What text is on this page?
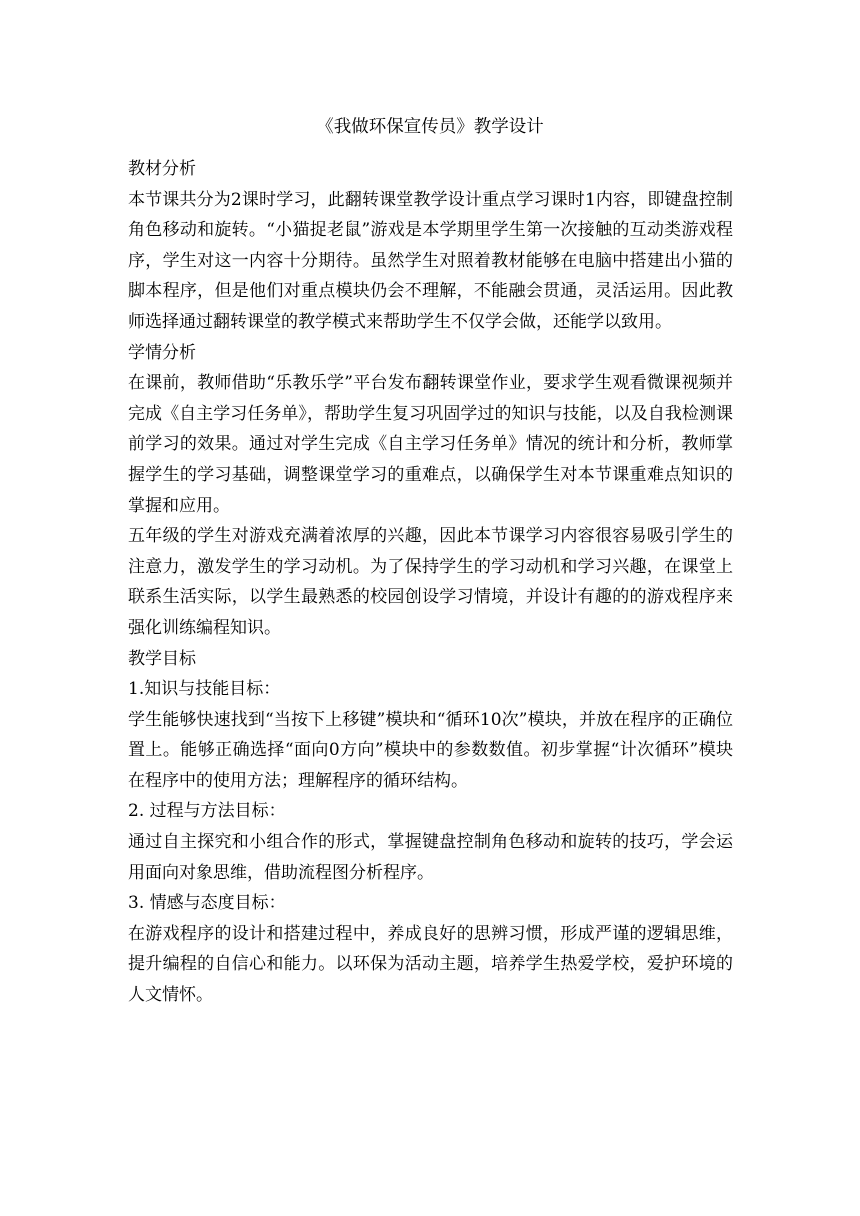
《我做环保宣传员》教学设计

教材分析

本节课共分为2课时学习，此翻转课堂教学设计重点学习课时1内容，即键盘控制角色移动和旋转。“小猫捉老鼠”游戏是本学期里学生第一次接触的互动类游戏程序，学生对这一内容十分期待。虽然学生对照着教材能够在电脑中搭建出小猫的脚本程序，但是他们对重点模块仍会不理解，不能融会贯通，灵活运用。因此教师选择通过翻转课堂的教学模式来帮助学生不仅学会做，还能学以致用。

学情分析

在课前，教师借助“乐教乐学”平台发布翻转课堂作业，要求学生观看微课视频并完成《自主学习任务单》，帮助学生复习巩固学过的知识与技能，以及自我检测课前学习的效果。通过对学生完成《自主学习任务单》情况的统计和分析，教师掌握学生的学习基础，调整课堂学习的重难点，以确保学生对本节课重难点知识的掌握和应用。

五年级的学生对游戏充满着浓厚的兴趣，因此本节课学习内容很容易吸引学生的注意力，激发学生的学习动机。为了保持学生的学习动机和学习兴趣，在课堂上联系生活实际，以学生最熟悉的校园创设学习情境，并设计有趣的的游戏程序来强化训练编程知识。

教学目标

1.知识与技能目标：

学生能够快速找到“当按下上移键”模块和“循环10次”模块，并放在程序的正确位置上。能够正确选择“面向0方向”模块中的参数数值。初步掌握“计次循环”模块在程序中的使用方法；理解程序的循环结构。

2. 过程与方法目标：

通过自主探究和小组合作的形式，掌握键盘控制角色移动和旋转的技巧，学会运用面向对象思维，借助流程图分析程序。

3. 情感与态度目标：

在游戏程序的设计和搭建过程中，养成良好的思辨习惯，形成严谨的逻辑思维，提升编程的自信心和能力。以环保为活动主题，培养学生热爱学校，爱护环境的人文情怀。
